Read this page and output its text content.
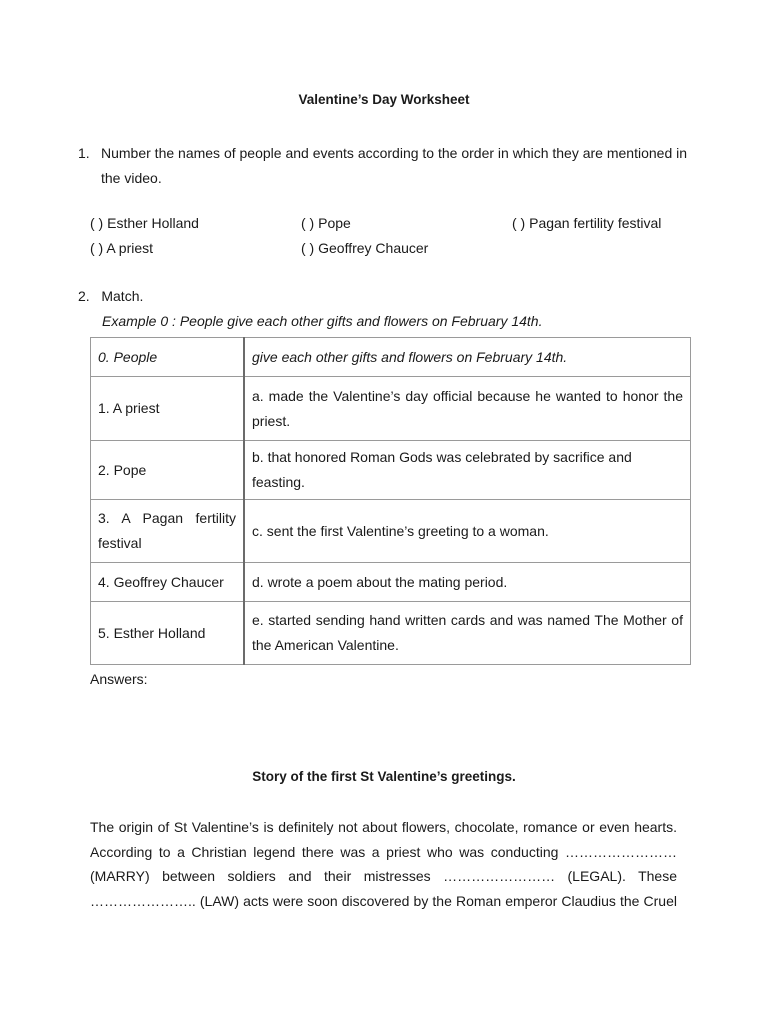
Valentine’s Day Worksheet
1. Number the names of people and events according to the order in which they are mentioned in the video.
( ) Esther Holland	( ) Pope	( ) Pagan fertility festival
( ) A priest	( ) Geoffrey Chaucer
2. Match.
Example 0 : People give each other gifts and flowers on February 14th.
0. People	give each other gifts and flowers on February 14th.
1. A priest	a. made the Valentine’s day official because he wanted to honor the priest.
2. Pope	b. that honored Roman Gods was celebrated by sacrifice and feasting.
3. A Pagan fertility festival	c. sent the first Valentine’s greeting to a woman.
4. Geoffrey Chaucer	d. wrote a poem about the mating period.
5. Esther Holland	e. started sending hand written cards and was named The Mother of the American Valentine.
Answers:
Story of the first St Valentine’s greetings.
The origin of St Valentine’s is definitely not about flowers, chocolate, romance or even hearts.
According to a Christian legend there was a priest who was conducting ……………………
(MARRY) between soldiers and their mistresses …………………… (LEGAL). These
………………….. (LAW) acts were soon discovered by the Roman emperor Claudius the Cruel
